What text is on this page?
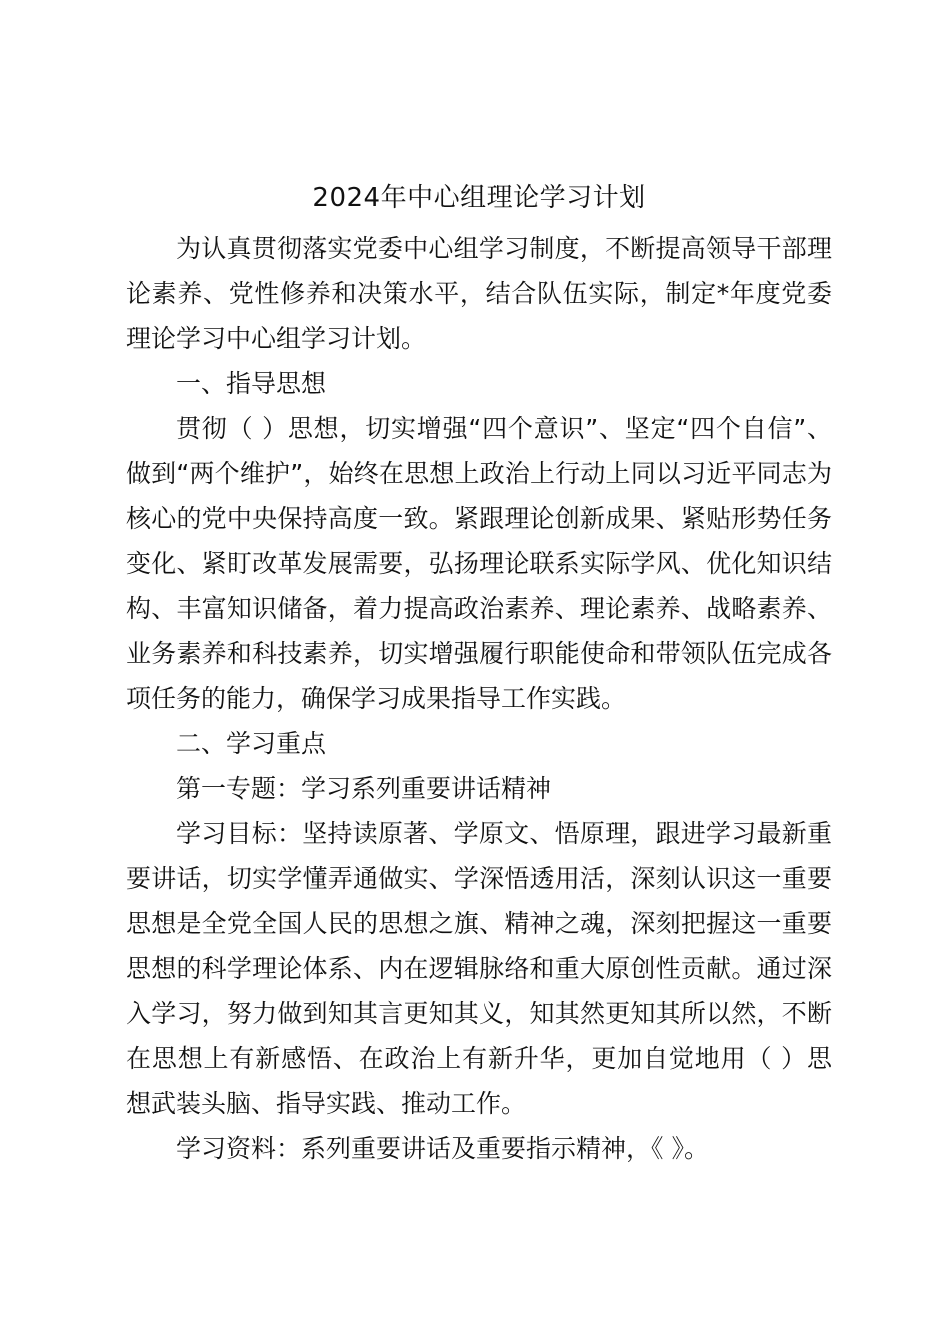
2024年中心组理论学习计划

为认真贯彻落实党委中心组学习制度，不断提高领导干部理论素养、党性修养和决策水平，结合队伍实际，制定*年度党委理论学习中心组学习计划。

一、指导思想

贯彻（ ）思想，切实增强“四个意识”、坚定“四个自信”、做到“两个维护”，始终在思想上政治上行动上同以习近平同志为核心的党中央保持高度一致。紧跟理论创新成果、紧贴形势任务变化、紧盯改革发展需要，弘扬理论联系实际学风、优化知识结构、丰富知识储备，着力提高政治素养、理论素养、战略素养、业务素养和科技素养，切实增强履行职能使命和带领队伍完成各项任务的能力，确保学习成果指导工作实践。

二、学习重点

第一专题：学习系列重要讲话精神

学习目标：坚持读原著、学原文、悟原理，跟进学习最新重要讲话，切实学懂弄通做实、学深悟透用活，深刻认识这一重要思想是全党全国人民的思想之旗、精神之魂，深刻把握这一重要思想的科学理论体系、内在逻辑脉络和重大原创性贡献。通过深入学习，努力做到知其言更知其义，知其然更知其所以然，不断在思想上有新感悟、在政治上有新升华，更加自觉地用（ ）思想武装头脑、指导实践、推动工作。

学习资料：系列重要讲话及重要指示精神，《 》。
